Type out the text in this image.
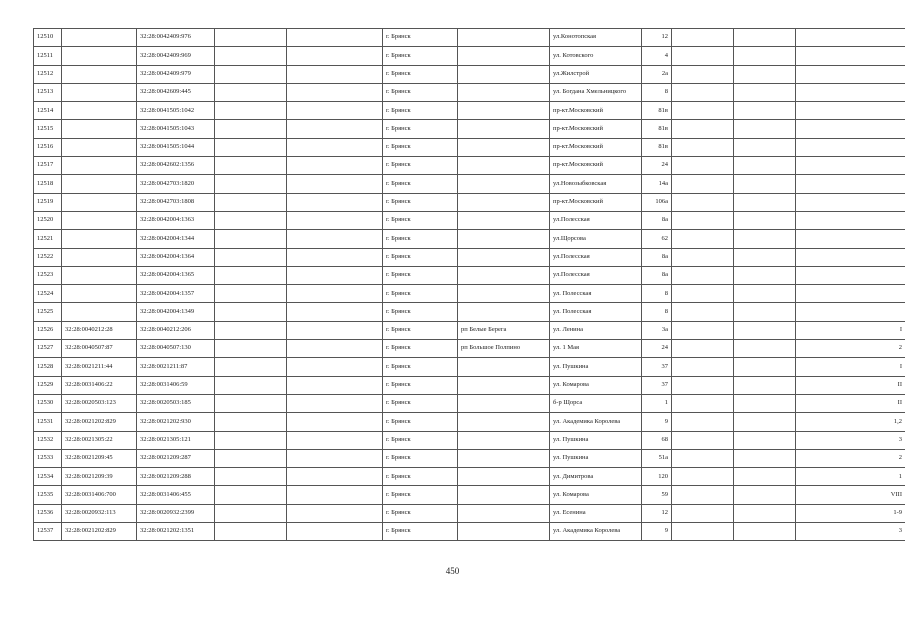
12510		32:28:0042409:976			г. Брянск		ул.Конотопская	12			
12511		32:28:0042409:969			г. Брянск		ул. Котовского	4			
12512		32:28:0042409:979			г. Брянск		ул.Жилстрой	2а			
12513		32:28:0042609:445			г. Брянск		ул. Богдана Хмельницкого	8			
12514		32:28:0041505:1042			г. Брянск		пр-кт.Московский	81в			
12515		32:28:0041505:1043			г. Брянск		пр-кт.Московский	81в			
12516		32:28:0041505:1044			г. Брянск		пр-кт.Московский	81в			
12517		32:28:0042602:1356			г. Брянск		пр-кт.Московский	24			
12518		32:28:0042703:1820			г. Брянск		ул.Новозыбковская	14а			
12519		32:28:0042703:1808			г. Брянск		пр-кт.Московский	106а			
12520		32:28:0042004:1363			г. Брянск		ул.Полесская	8а			
12521		32:28:0042004:1344			г. Брянск		ул.Щорсова	62			
12522		32:28:0042004:1364			г. Брянск		ул.Полесская	8а			
12523		32:28:0042004:1365			г. Брянск		ул.Полесская	8а			
12524		32:28:0042004:1357			г. Брянск		ул. Полесская	8			
12525		32:28:0042004:1349			г. Брянск		ул. Полесская	8			
12526	32:28:0040212:28	32:28:0040212:206			г. Брянск	рп Белые Берега	ул. Ленина	3а			I
12527	32:28:0040507:87	32:28:0040507:130			г. Брянск	рп Большое Полпино	ул. 1 Мая	24			2
12528	32:28:0021211:44	32:28:0021211:87			г. Брянск		ул. Пушкина	37			I
12529	32:28:0031406:22	32:28:0031406:59			г. Брянск		ул. Комарова	37			II
12530	32:28:0020503:123	32:28:0020503:185			г. Брянск		б-р Щорса	1			II
12531	32:28:0021202:829	32:28:0021202:930			г. Брянск		ул. Академика Королева	9			1,2
12532	32:28:0021305:22	32:28:0021305:121			г. Брянск		ул. Пушкина	68			3
12533	32:28:0021209:45	32:28:0021209:287			г. Брянск		ул. Пушкина	51а			2
12534	32:28:0021209:39	32:28:0021209:288			г. Брянск		ул. Димитрова	120			1
12535	32:28:0031406:700	32:28:0031406:455			г. Брянск		ул. Комарова	59			VIII
12536	32:28:0020932:113	32:28:0020932:2399			г. Брянск		ул. Есенина	12			1-9
12537	32:28:0021202:829	32:28:0021202:1351			г. Брянск		ул. Академика Королева	9			3
450
